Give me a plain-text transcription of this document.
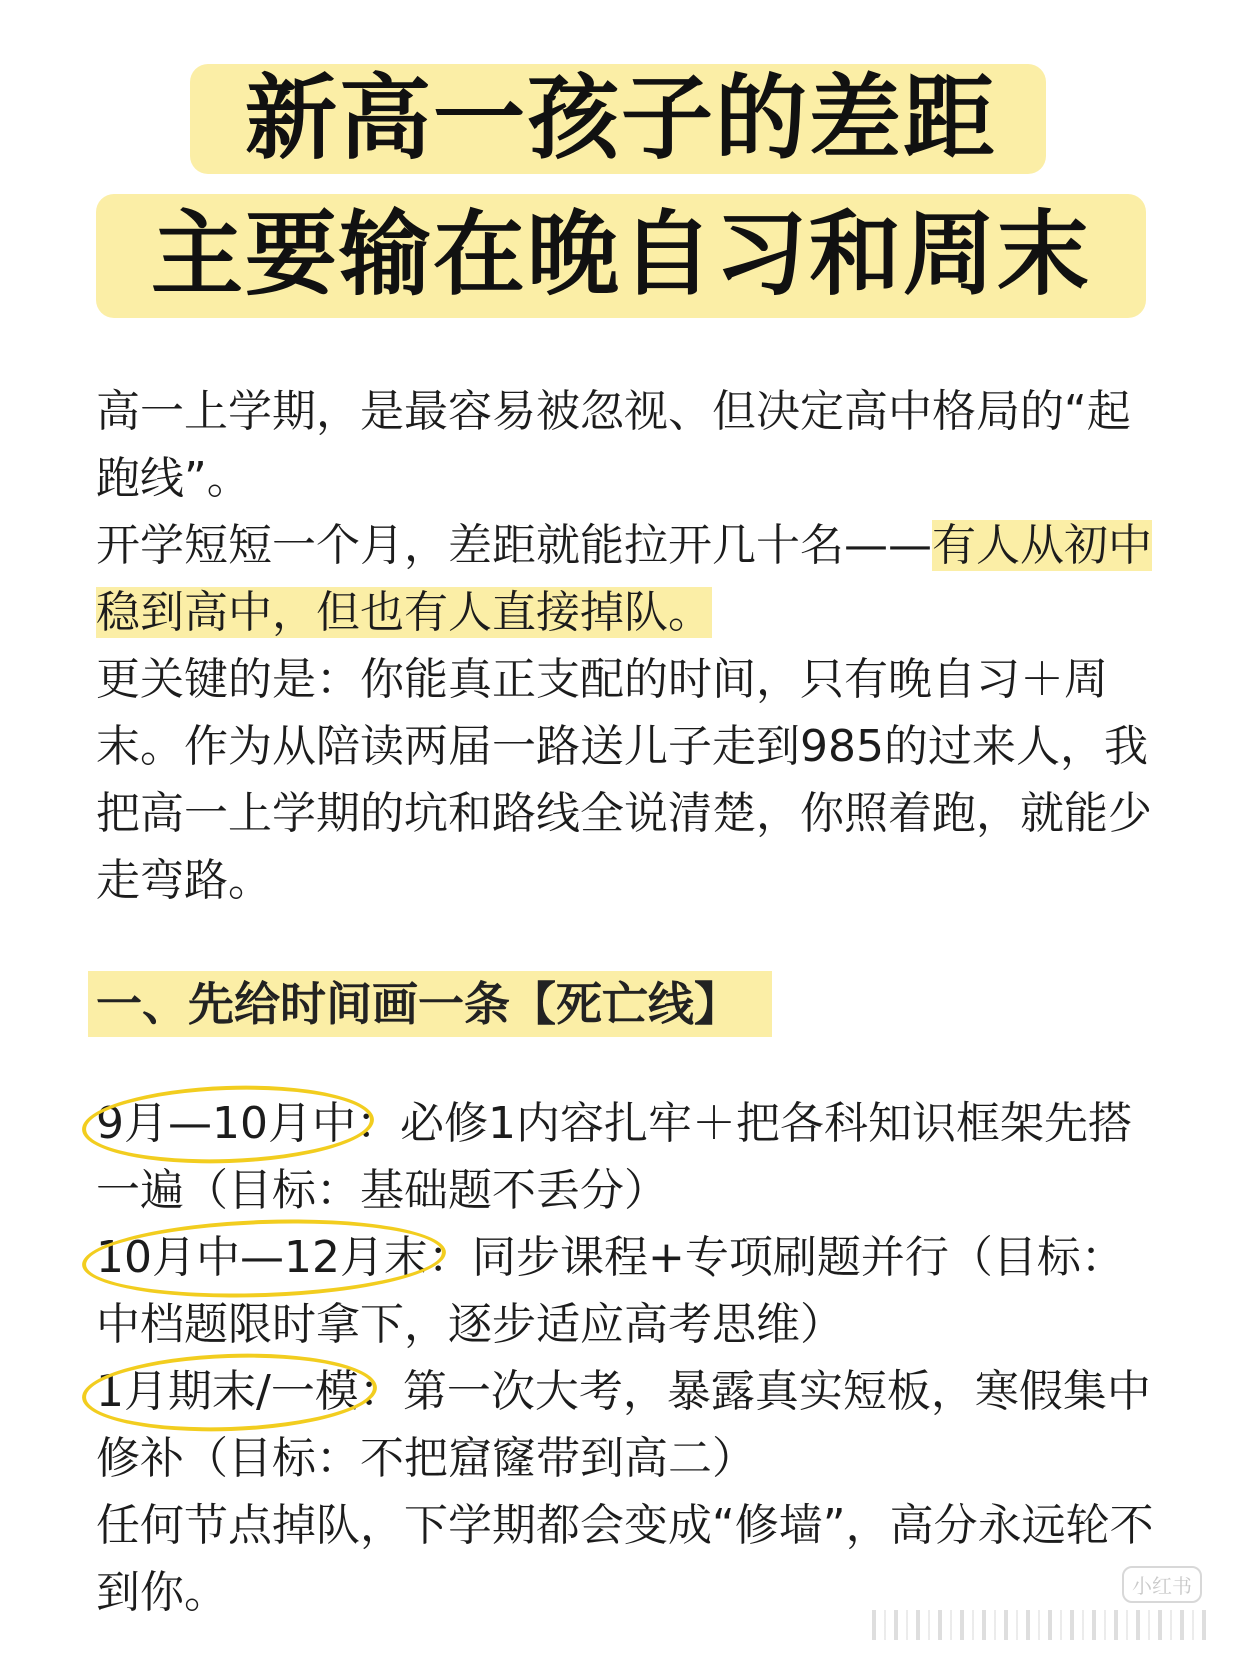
新高一孩子的差距
主要输在晚自习和周末

高一上学期，是最容易被忽视、但决定高中格局的“起跑线”。

开学短短一个月，差距就能拉开几十名——有人从初中稳到高中，但也有人直接掉队。

更关键的是：你能真正支配的时间，只有晚自习＋周末。作为从陪读两届一路送儿子走到985的过来人，我把高一上学期的坑和路线全说清楚，你照着跑，就能少走弯路。

一、先给时间画一条【死亡线】

9月—10月中：必修1内容扎牢＋把各科知识框架先搭一遍（目标：基础题不丢分）

10月中—12月末：同步课程+专项刷题并行（目标：中档题限时拿下，逐步适应高考思维）

1月期末/一模：第一次大考，暴露真实短板，寒假集中修补（目标：不把窟窿带到高二）

任何节点掉队，下学期都会变成“修墙”，高分永远轮不到你。	小红书
